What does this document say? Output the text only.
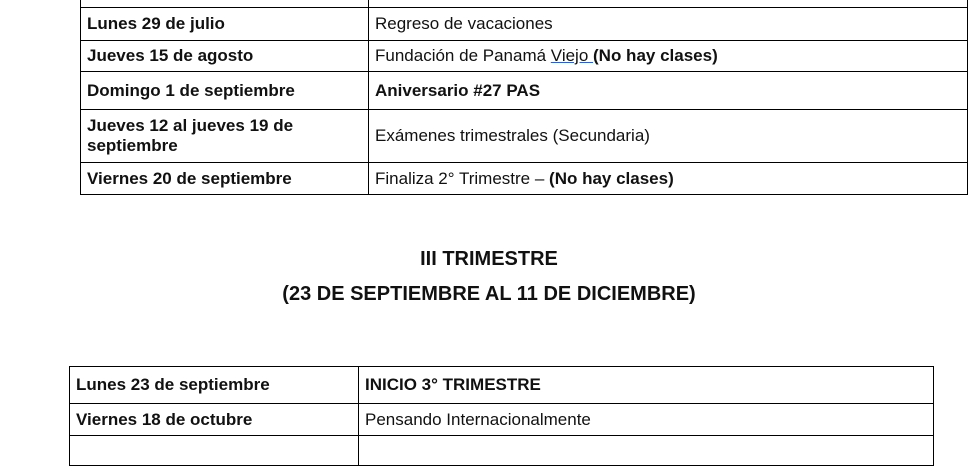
Lunes 29 de julio	Regreso de vacaciones
Jueves 15 de agosto	Fundación de Panamá Viejo (No hay clases)
Domingo 1 de septiembre	Aniversario #27 PAS
Jueves 12 al jueves 19 de septiembre	Exámenes trimestrales (Secundaria)
Viernes 20 de septiembre	Finaliza 2° Trimestre – (No hay clases)
III TRIMESTRE
(23 DE SEPTIEMBRE AL 11 DE DICIEMBRE)
Lunes 23 de septiembre	INICIO 3° TRIMESTRE
Viernes 18 de octubre	Pensando Internacionalmente
